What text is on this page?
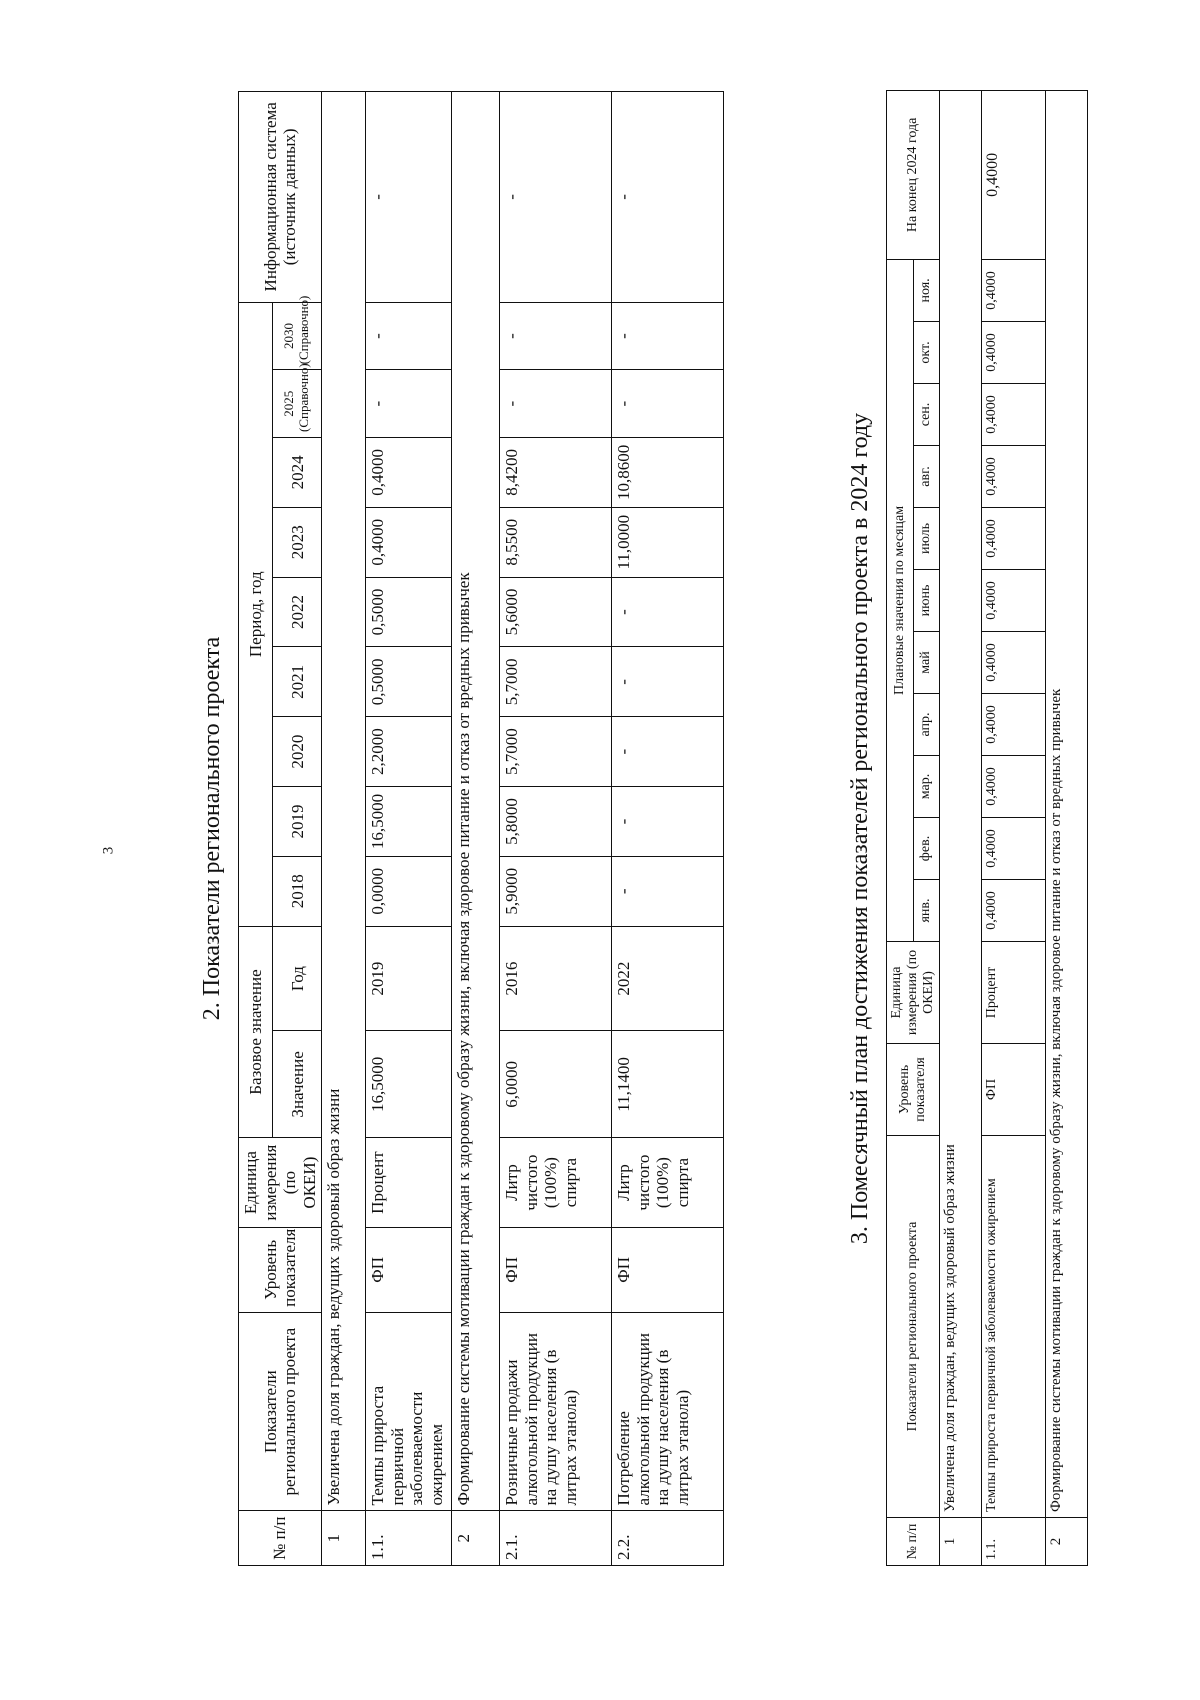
3	2. Показатели регионального проекта
№ п/п	Показатели регионального проекта	Уровень показателя	Единица измерения (по ОКЕИ)	Базовое значение		Период, год									Информационная система (источник данных)
				Значение	Год	2018	2019	2020	2021	2022	2023	2024	2025 (Справочно)	2030 (Справочно)	
1	Увеличена доля граждан, ведущих здоровый образ жизни														
1.1.	Темпы прироста первичной заболеваемости ожирением	ФП	Процент	16,5000	2019	0,0000	16,5000	2,2000	0,5000	0,5000	0,4000	0,4000	-	-	-
2	Формирование системы мотивации граждан к здоровому образу жизни, включая здоровое питание и отказ от вредных привычек														
2.1.	Розничные продажи алкогольной продукции на душу населения (в литрах этанола)	ФП	Литр чистого (100%) спирта	6,0000	2016	5,9000	5,8000	5,7000	5,7000	5,6000	8,5500	8,4200	-	-	-
2.2.	Потребление алкогольной продукции на душу населения (в литрах этанола)	ФП	Литр чистого (100%) спирта	11,1400	2022	-	-	-	-	-	11,0000	10,8600	-	-	-
3. Помесячный план достижения показателей регионального проекта в 2024 году
№ п/п	Показатели регионального проекта	Уровень показателя	Единица измерения (по ОКЕИ)	Плановые значения по месяцам											На конец 2024 года
				янв.	фев.	мар.	апр.	май	июнь	июль	авг.	сен.	окт.	ноя.	
1	Увеличена доля граждан, ведущих здоровый образ жизни														
1.1.	Темпы прироста первичной заболеваемости ожирением	ФП	Процент	0,4000	0,4000	0,4000	0,4000	0,4000	0,4000	0,4000	0,4000	0,4000	0,4000	0,4000	0,4000
2	Формирование системы мотивации граждан к здоровому образу жизни, включая здоровое питание и отказ от вредных привычек														
